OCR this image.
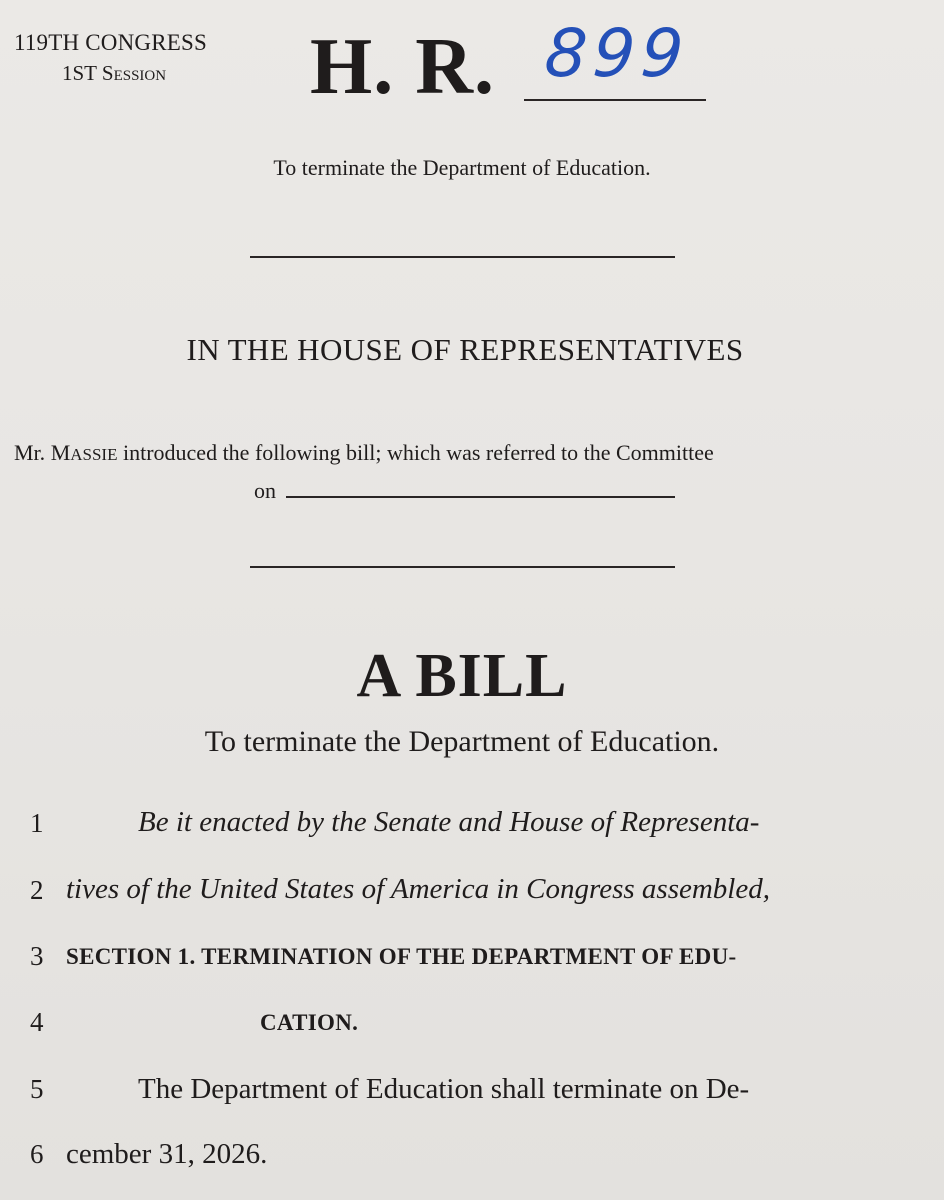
119TH CONGRESS
1ST SESSION H. R. 899
To terminate the Department of Education.
IN THE HOUSE OF REPRESENTATIVES
Mr. MASSIE introduced the following bill; which was referred to the Committee
on
A BILL
To terminate the Department of Education.
1	Be it enacted by the Senate and House of Representa-
2 tives of the United States of America in Congress assembled,
3 SECTION 1. TERMINATION OF THE DEPARTMENT OF EDU-
4	CATION.
5	The Department of Education shall terminate on De-
6 cember 31, 2026.
